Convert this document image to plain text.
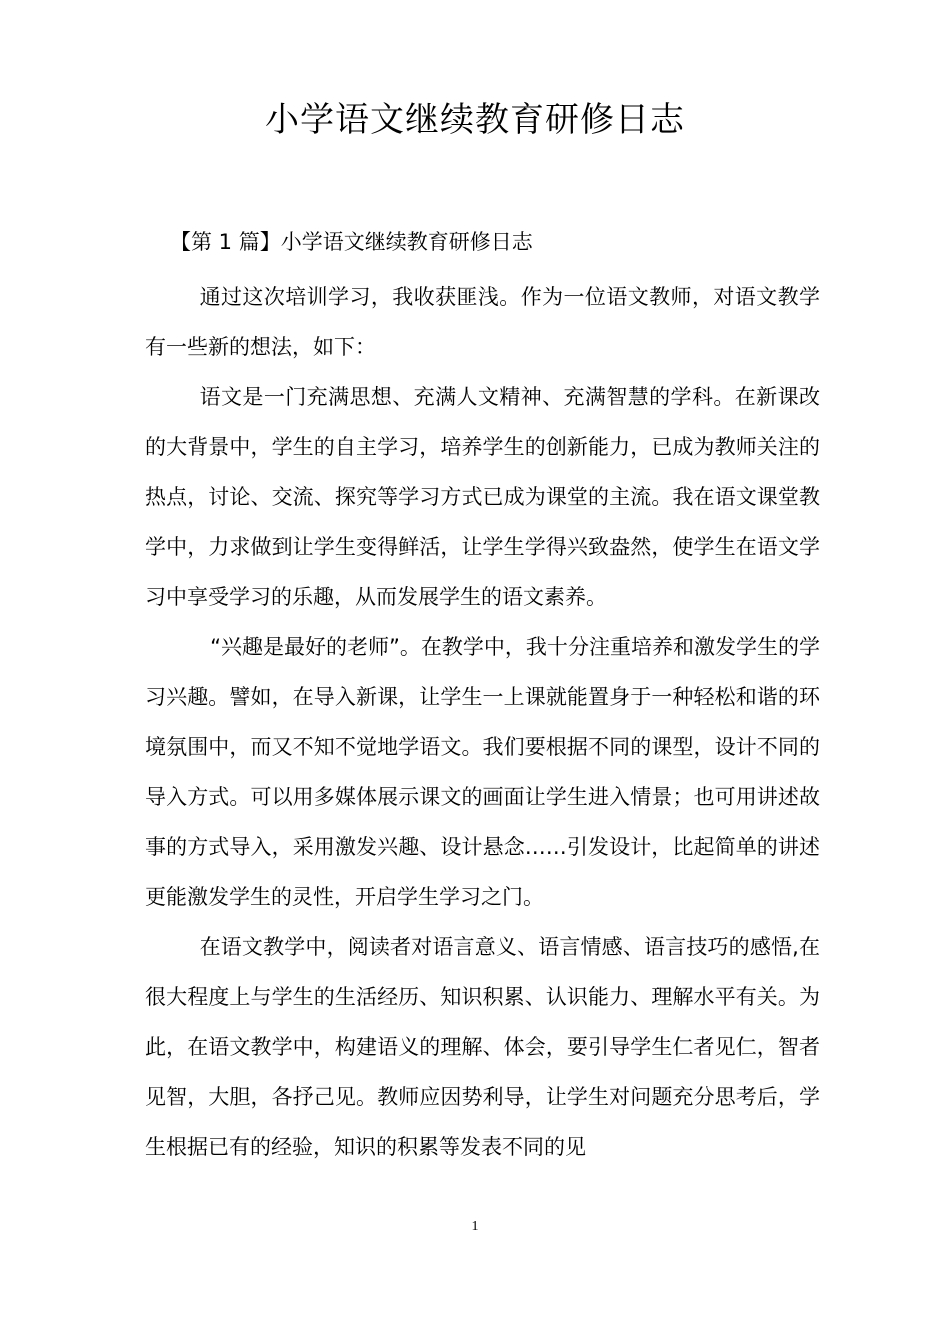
小学语文继续教育研修日志
【第 1 篇】小学语文继续教育研修日志

通过这次培训学习，我收获匪浅。作为一位语文教师，对语文教学有一些新的想法，如下：

语文是一门充满思想、充满人文精神、充满智慧的学科。在新课改的大背景中，学生的自主学习，培养学生的创新能力，已成为教师关注的热点，讨论、交流、探究等学习方式已成为课堂的主流。我在语文课堂教学中，力求做到让学生变得鲜活，让学生学得兴致盎然，使学生在语文学习中享受学习的乐趣，从而发展学生的语文素养。

“兴趣是最好的老师”。在教学中，我十分注重培养和激发学生的学习兴趣。譬如，在导入新课，让学生一上课就能置身于一种轻松和谐的环境氛围中，而又不知不觉地学语文。我们要根据不同的课型，设计不同的导入方式。可以用多媒体展示课文的画面让学生进入情景；也可用讲述故事的方式导入，采用激发兴趣、设计悬念……引发设计，比起简单的讲述更能激发学生的灵性，开启学生学习之门。

在语文教学中，阅读者对语言意义、语言情感、语言技巧的感悟,在很大程度上与学生的生活经历、知识积累、认识能力、理解水平有关。为此，在语文教学中，构建语义的理解、体会，要引导学生仁者见仁，智者见智，大胆，各抒己见。教师应因势利导，让学生对问题充分思考后，学生根据已有的经验，知识的积累等发表不同的见

1
